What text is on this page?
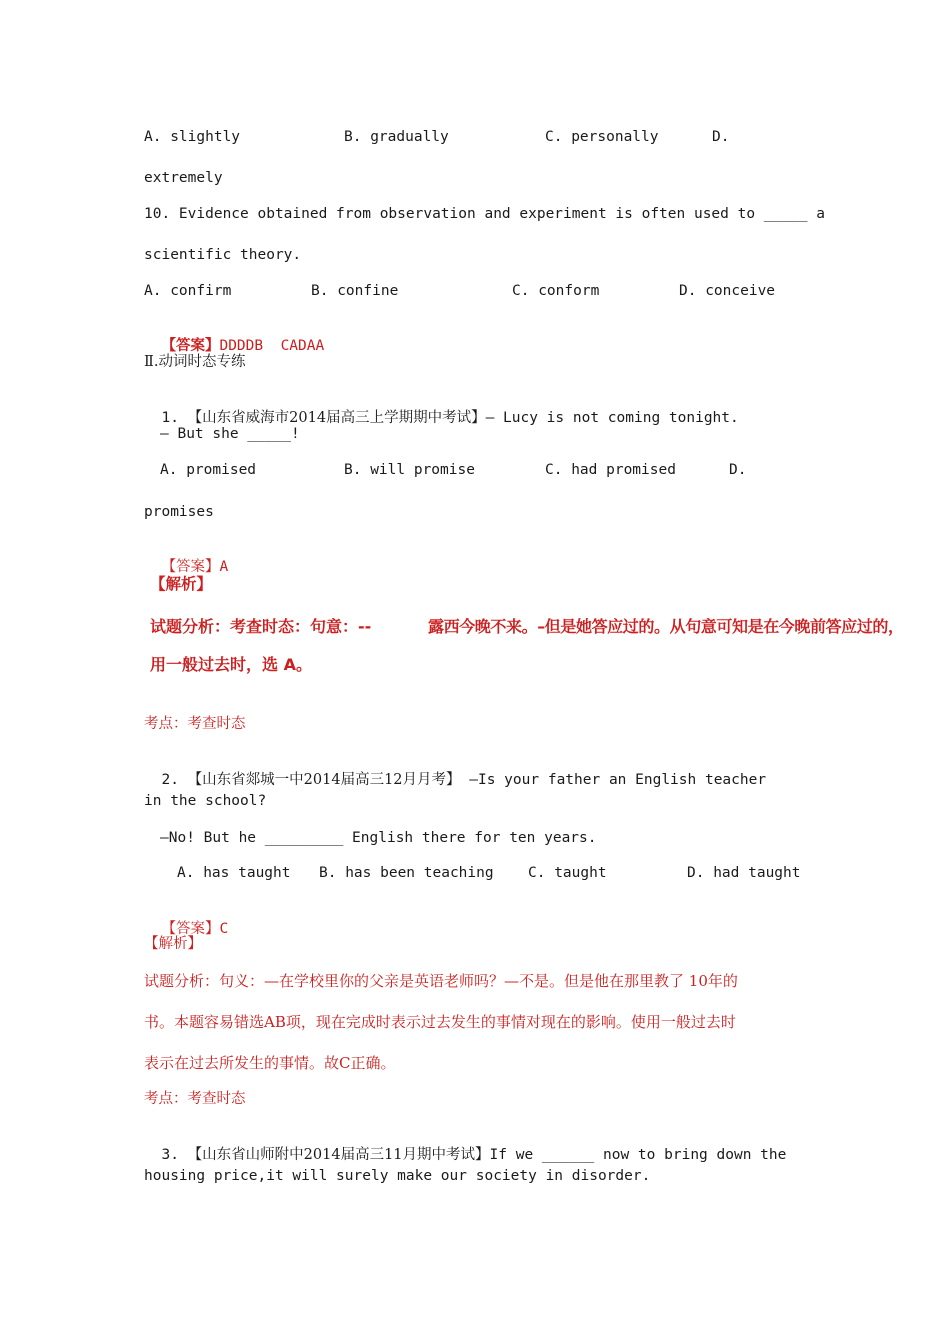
A. slightly	B. gradually	C. personally	D.
extremely
10. Evidence obtained from observation and experiment is often used to _____ a
scientific theory.
A. confirm	B. confine	C. conform	D. conceive

【答案】DDDDB  CADAA

Ⅱ.动词时态专练

1. 【山东省威海市2014届高三上学期期中考试】— Lucy is not coming tonight.

— But she _____!
A. promised	B. will promise	C. had promised	D.
promises

【答案】A

【解析】
试题分析：考查时态：句意：--	露西今晚不来。–但是她答应过的。从句意可知是在今晚前答应过的，
用一般过去时，选 A。
考点：考查时态

2. 【山东省郯城一中2014届高三12月月考】 —Is your father an English teacher

in the school?
—No! But he _________ English there for ten years.
A. has taught B. has been teaching C. taught	D. had taught

【答案】C

【解析】
试题分析：句义：—在学校里你的父亲是英语老师吗？—不是。但是他在那里教了 10年的
书。本题容易错选AB项，现在完成时表示过去发生的事情对现在的影响。使用一般过去时
表示在过去所发生的事情。故C正确。
考点：考查时态

3. 【山东省山师附中2014届高三11月期中考试】If we ______ now to bring down the

housing price,it will surely make our society in disorder.
